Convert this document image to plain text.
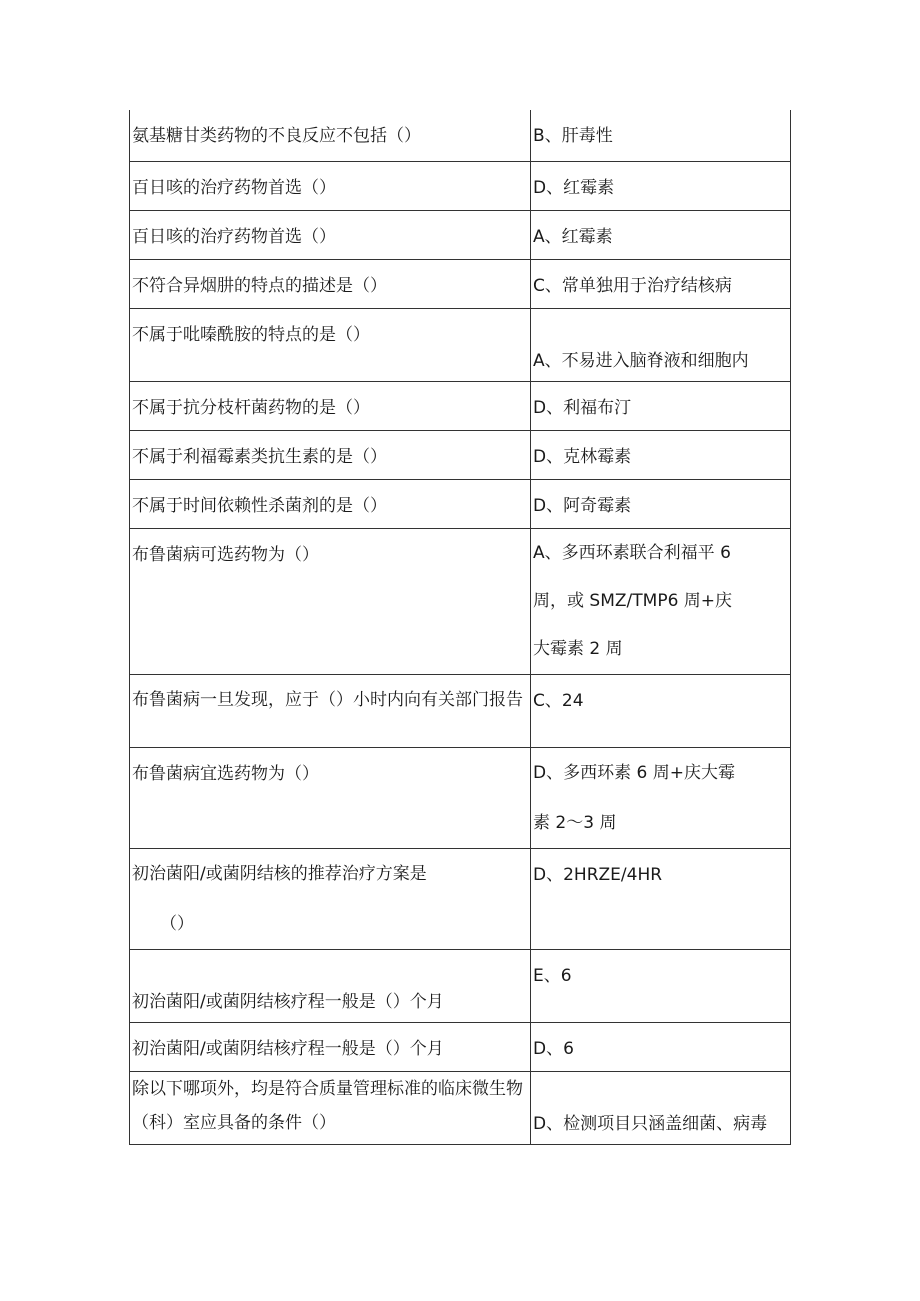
氨基糖甘类药物的不良反应不包括（）	B、肝毒性
百日咳的治疗药物首选（）	D、红霉素
百日咳的治疗药物首选（）	A、红霉素
不符合异烟肼的特点的描述是（）	C、常单独用于治疗结核病
不属于吡嗪酰胺的特点的是（）	A、不易进入脑脊液和细胞内
不属于抗分枝杆菌药物的是（）	D、利福布汀
不属于利福霉素类抗生素的是（）	D、克林霉素
不属于时间依赖性杀菌剂的是（）	D、阿奇霉素
布鲁菌病可选药物为（）	A、多西环素联合利福平 6
周，或 SMZ/TMP6 周+庆
大霉素 2 周

布鲁菌病一旦发现，应于（）小时内向有关部门报告	C、24
布鲁菌病宜选药物为（）	D、多西环素 6 周+庆大霉
素 2～3 周

初治菌阳/或菌阴结核的推荐治疗方案是
（）	D、2HRZE/4HR
初治菌阳/或菌阴结核疗程一般是（）个月	E、6
初治菌阳/或菌阴结核疗程一般是（）个月	D、6
除以下哪项外，均是符合质量管理标准的临床微生物（科）室应具备的条件（）	D、检测项目只涵盖细菌、病毒
